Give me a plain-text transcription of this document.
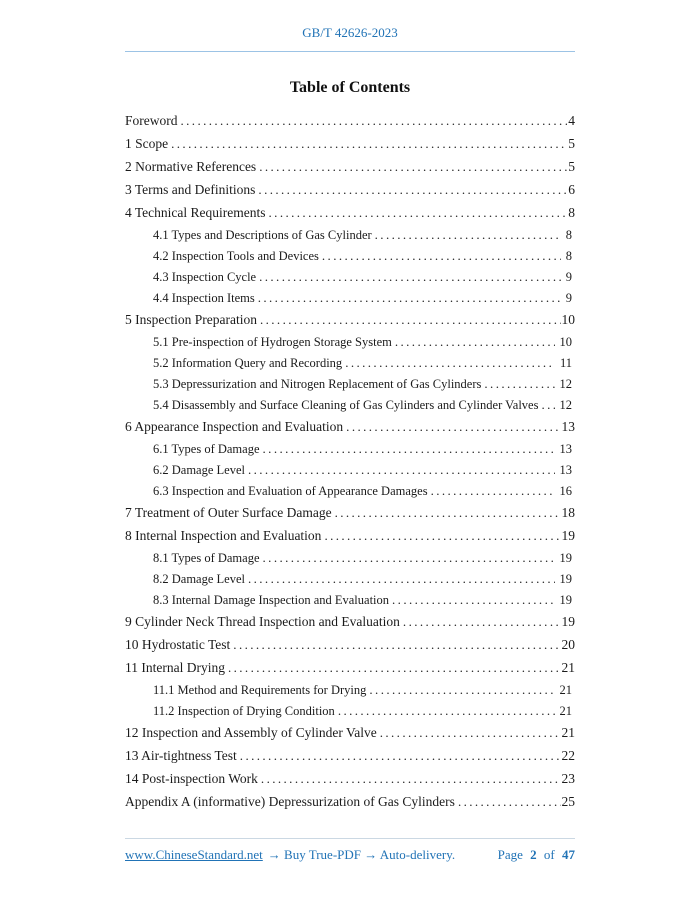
GB/T 42626-2023
Table of Contents
Foreword .....	4
1 Scope .....	5
2 Normative References .....	5
3 Terms and Definitions .....	6
4 Technical Requirements .....	8
4.1 Types and Descriptions of Gas Cylinder .....	8
4.2 Inspection Tools and Devices .....	8
4.3 Inspection Cycle .....	9
4.4 Inspection Items .....	9
5 Inspection Preparation .....	10
5.1 Pre-inspection of Hydrogen Storage System .....	10
5.2 Information Query and Recording .....	11
5.3 Depressurization and Nitrogen Replacement of Gas Cylinders .....	12
5.4 Disassembly and Surface Cleaning of Gas Cylinders and Cylinder Valves ..... 12
6 Appearance Inspection and Evaluation .....	13
6.1 Types of Damage .....	13
6.2 Damage Level .....	13
6.3 Inspection and Evaluation of Appearance Damages .....	16
7 Treatment of Outer Surface Damage .....	18
8 Internal Inspection and Evaluation .....	19
8.1 Types of Damage .....	19
8.2 Damage Level .....	19
8.3 Internal Damage Inspection and Evaluation .....	19
9 Cylinder Neck Thread Inspection and Evaluation .....	19
10 Hydrostatic Test .....	20
11 Internal Drying .....	21
11.1 Method and Requirements for Drying .....	21
11.2 Inspection of Drying Condition .....	21
12 Inspection and Assembly of Cylinder Valve .....	21
13 Air-tightness Test .....	22
14 Post-inspection Work .....	23
Appendix A (informative) Depressurization of Gas Cylinders .....	25
www.ChineseStandard.net → Buy True-PDF → Auto-delivery.	Page 2 of 47
